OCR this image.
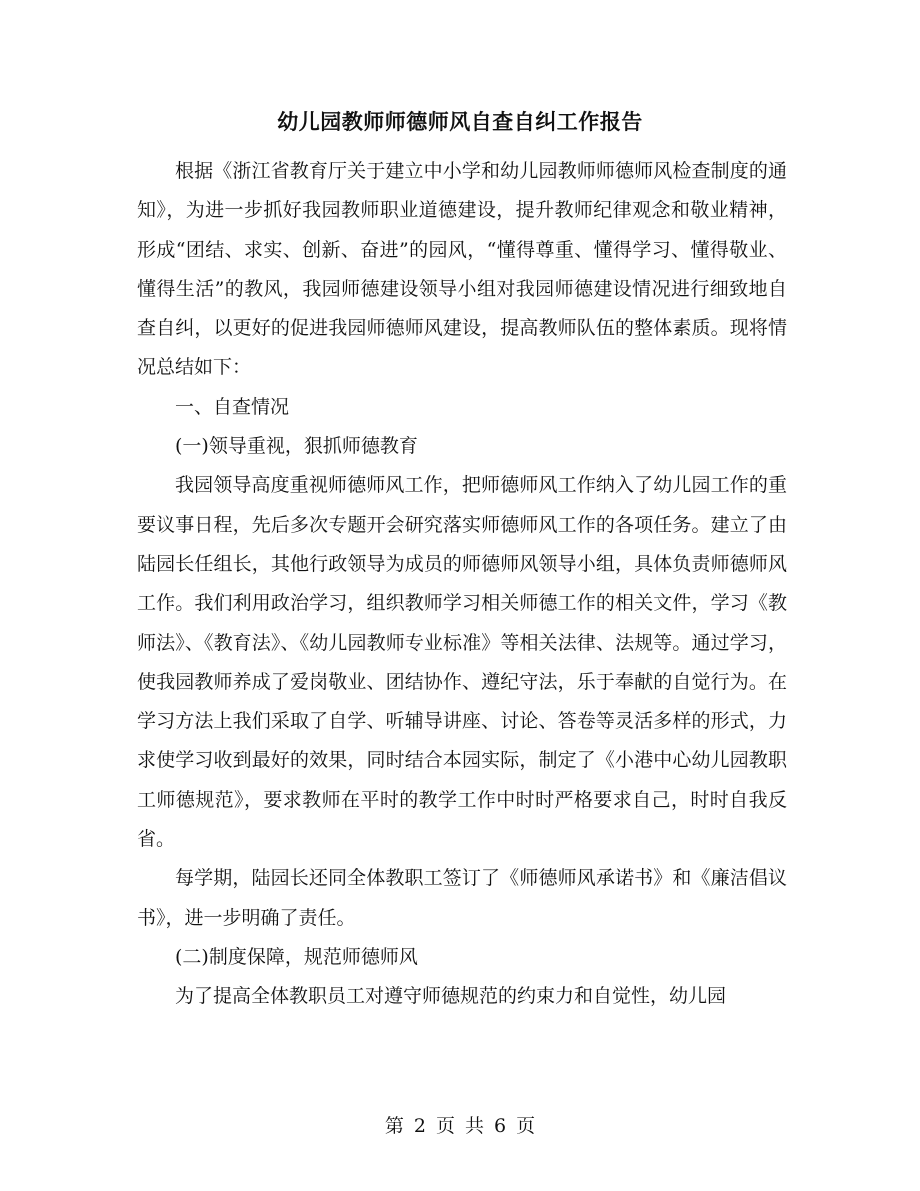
幼儿园教师师德师风自查自纠工作报告

根据《浙江省教育厅关于建立中小学和幼儿园教师师德师风检查制度的通知》，为进一步抓好我园教师职业道德建设，提升教师纪律观念和敬业精神，形成“团结、求实、创新、奋进”的园风，“懂得尊重、懂得学习、懂得敬业、懂得生活”的教风，我园师德建设领导小组对我园师德建设情况进行细致地自查自纠，以更好的促进我园师德师风建设，提高教师队伍的整体素质。现将情况总结如下：

一、自查情况

(一)领导重视，狠抓师德教育

我园领导高度重视师德师风工作，把师德师风工作纳入了幼儿园工作的重要议事日程，先后多次专题开会研究落实师德师风工作的各项任务。建立了由陆园长任组长，其他行政领导为成员的师德师风领导小组，具体负责师德师风工作。我们利用政治学习，组织教师学习相关师德工作的相关文件，学习《教师法》、《教育法》、《幼儿园教师专业标准》等相关法律、法规等。通过学习，使我园教师养成了爱岗敬业、团结协作、遵纪守法，乐于奉献的自觉行为。在学习方法上我们采取了自学、听辅导讲座、讨论、答卷等灵活多样的形式，力求使学习收到最好的效果，同时结合本园实际，制定了《小港中心幼儿园教职工师德规范》，要求教师在平时的教学工作中时时严格要求自己，时时自我反省。

每学期，陆园长还同全体教职工签订了《师德师风承诺书》和《廉洁倡议书》，进一步明确了责任。

(二)制度保障，规范师德师风

为了提高全体教职员工对遵守师德规范的约束力和自觉性，幼儿园

第 2 页 共 6 页
